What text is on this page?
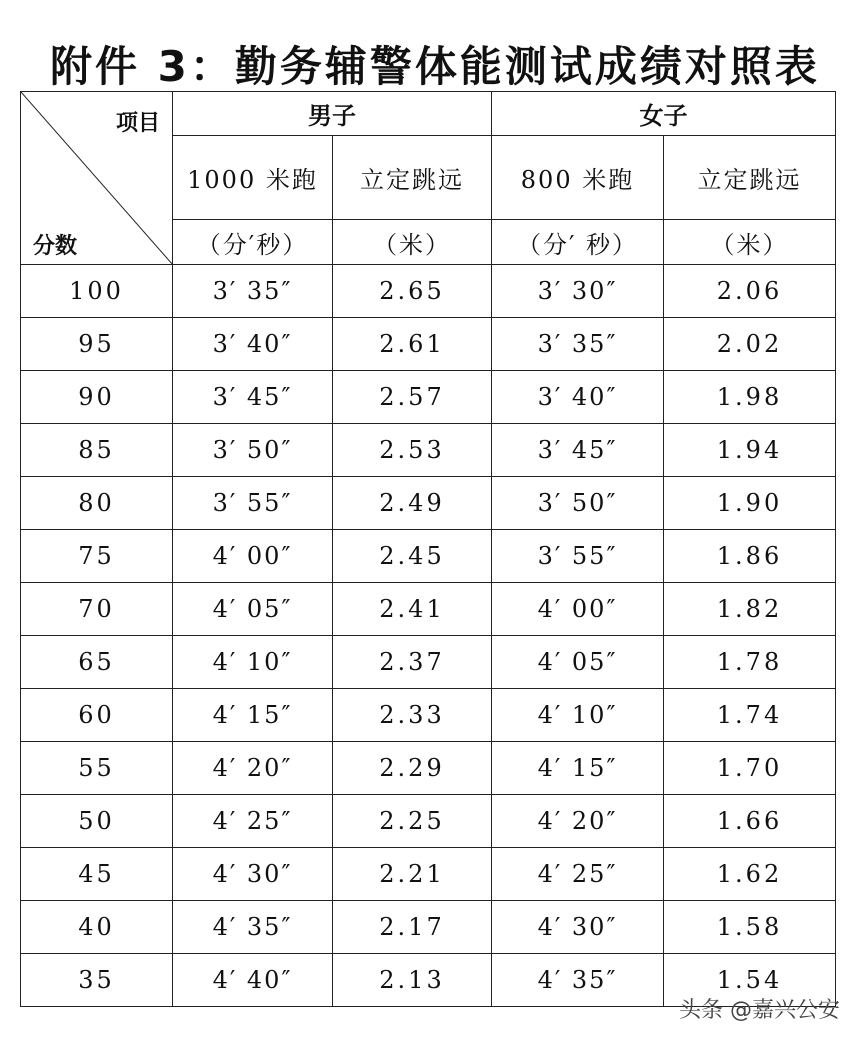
附件 3：勤务辅警体能测试成绩对照表
项目
分数	男子		女子	
	1000 米跑	立定跳远	800 米跑	立定跳远
	（分′秒）	（米）	（分′ 秒）	（米）
100	3′ 35″	2.65	3′ 30″	2.06
95	3′ 40″	2.61	3′ 35″	2.02
90	3′ 45″	2.57	3′ 40″	1.98
85	3′ 50″	2.53	3′ 45″	1.94
80	3′ 55″	2.49	3′ 50″	1.90
75	4′ 00″	2.45	3′ 55″	1.86
70	4′ 05″	2.41	4′ 00″	1.82
65	4′ 10″	2.37	4′ 05″	1.78
60	4′ 15″	2.33	4′ 10″	1.74
55	4′ 20″	2.29	4′ 15″	1.70
50	4′ 25″	2.25	4′ 20″	1.66
45	4′ 30″	2.21	4′ 25″	1.62
40	4′ 35″	2.17	4′ 30″	1.58
35	4′ 40″	2.13	4′ 35″	1.54
头条 @嘉兴公安
